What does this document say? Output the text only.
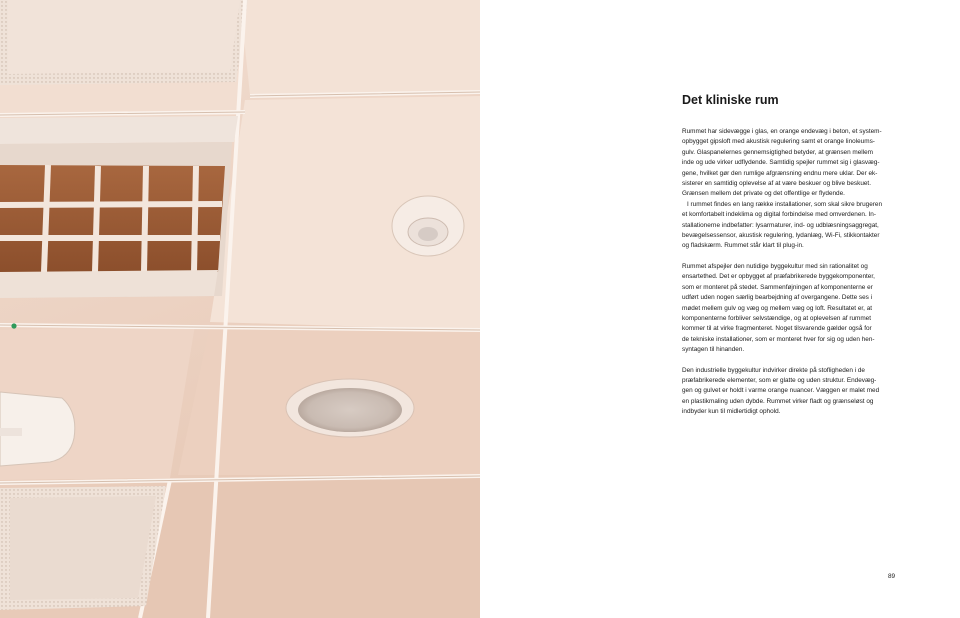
Det kliniske rum

Rummet har sidevægge i glas, en orange endevæg i beton, et system-
opbygget gipsloft med akustisk regulering samt et orange linoleums-
gulv. Glaspanelernes gennemsigtighed betyder, at grænsen mellem
inde og ude virker udflydende. Samtidig spejler rummet sig i glasvæg-
gene, hvilket gør den rumlige afgrænsning endnu mere uklar. Der ek-
sisterer en samtidig oplevelse af at være beskuer og blive beskuet.
Grænsen mellem det private og det offentlige er flydende.
I rummet findes en lang række installationer, som skal sikre brugeren
et komfortabelt indeklima og digital forbindelse med omverdenen. In-
stallationerne indbefatter: lysarmaturer, ind- og udblæsningsaggregat,
bevægelsessensor, akustisk regulering, lydanlæg, Wi-Fi, stikkontakter
og fladskærm. Rummet står klart til plug-in.

Rummet afspejler den nutidige byggekultur med sin rationalitet og
ensartethed. Det er opbygget af præfabrikerede byggekomponenter,
som er monteret på stedet. Sammenføjningen af komponenterne er
udført uden nogen særlig bearbejdning af overgangene. Dette ses i
mødet mellem gulv og væg og mellem væg og loft. Resultatet er, at
komponenterne forbliver selvstændige, og at oplevelsen af rummet
kommer til at virke fragmenteret. Noget tilsvarende gælder også for
de tekniske installationer, som er monteret hver for sig og uden hen-
syntagen til hinanden.

Den industrielle byggekultur indvirker direkte på stofligheden i de
præfabrikerede elementer, som er glatte og uden struktur. Endevæg-
gen og gulvet er holdt i varme orange nuancer. Væggen er malet med
en plastikmaling uden dybde. Rummet virker fladt og grænseløst og
indbyder kun til midlertidigt ophold.

89
